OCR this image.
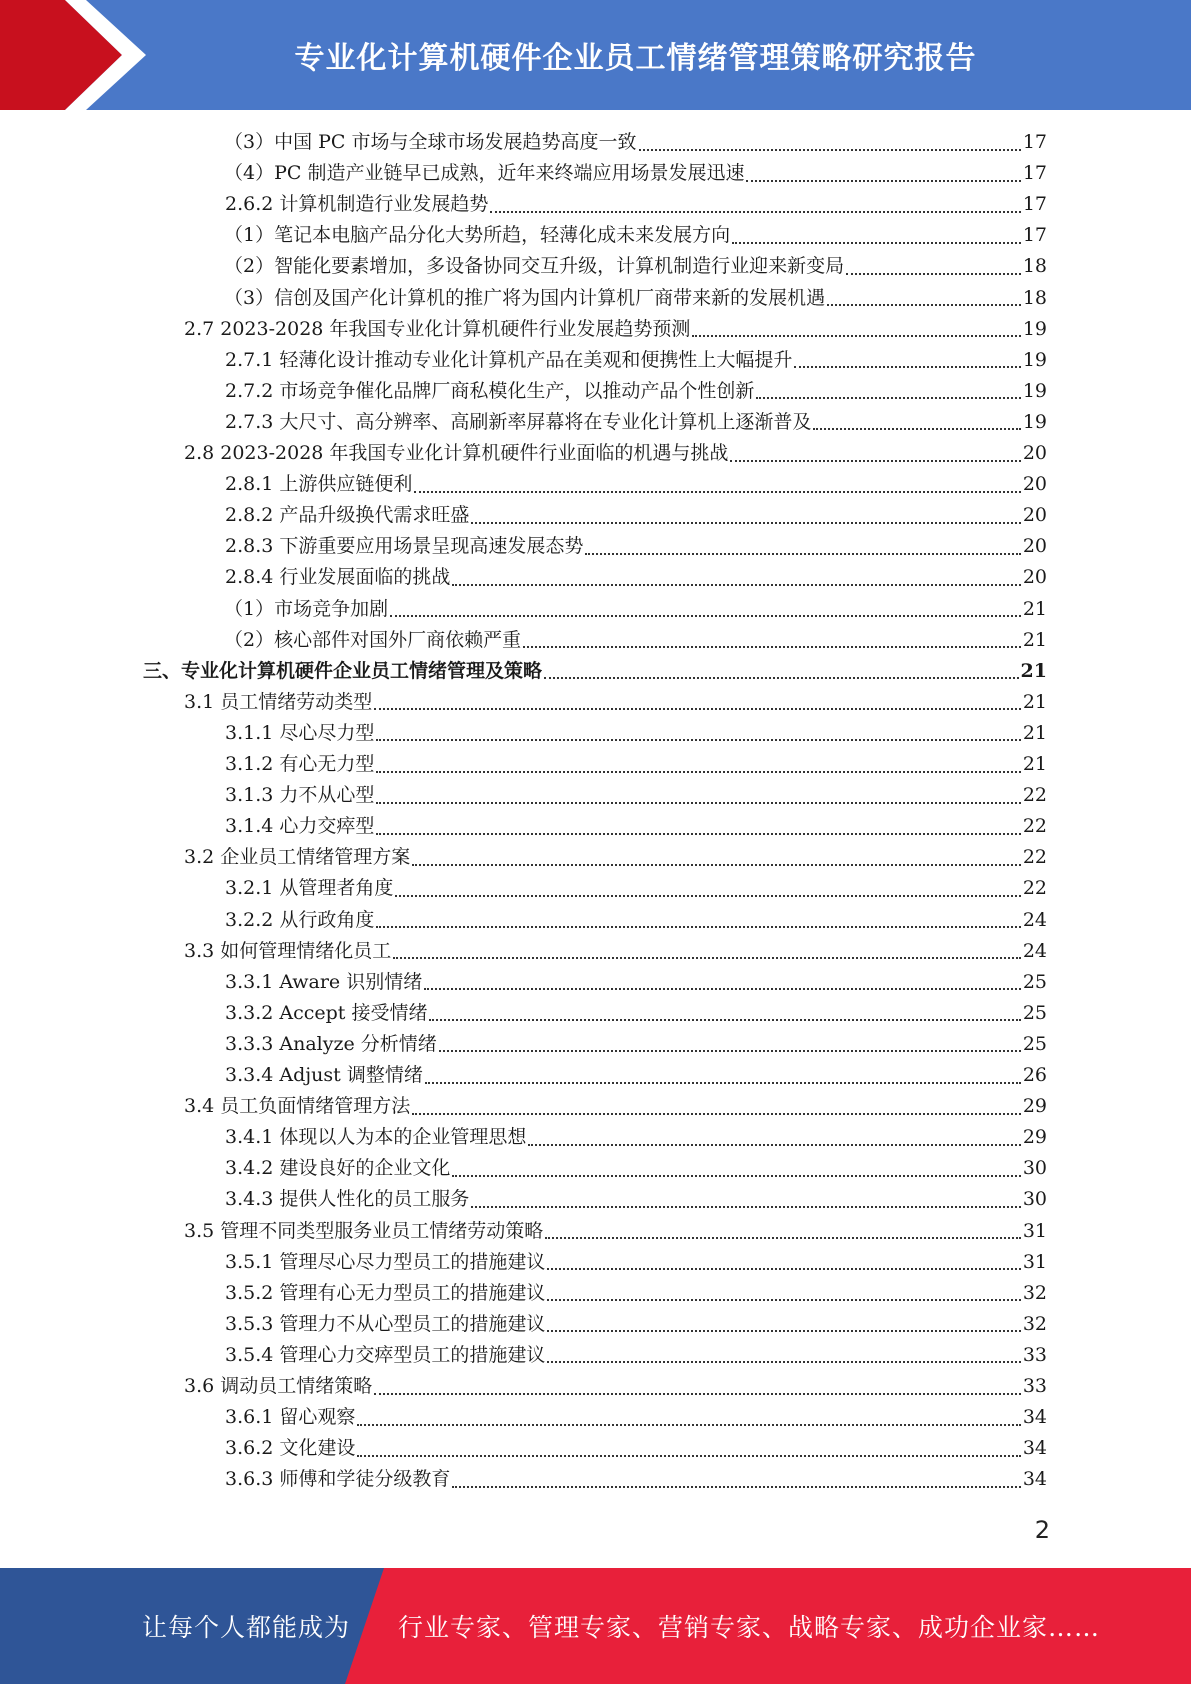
专业化计算机硬件企业员工情绪管理策略研究报告
（3）中国 PC 市场与全球市场发展趋势高度一致	17
（4）PC 制造产业链早已成熟，近年来终端应用场景发展迅速	17
2.6.2 计算机制造行业发展趋势	17
（1）笔记本电脑产品分化大势所趋，轻薄化成未来发展方向	17
（2）智能化要素增加，多设备协同交互升级，计算机制造行业迎来新变局	18
（3）信创及国产化计算机的推广将为国内计算机厂商带来新的发展机遇	18
2.7 2023-2028 年我国专业化计算机硬件行业发展趋势预测	19
2.7.1 轻薄化设计推动专业化计算机产品在美观和便携性上大幅提升	19
2.7.2 市场竞争催化品牌厂商私模化生产，以推动产品个性创新	19
2.7.3 大尺寸、高分辨率、高刷新率屏幕将在专业化计算机上逐渐普及	19
2.8 2023-2028 年我国专业化计算机硬件行业面临的机遇与挑战	20
2.8.1 上游供应链便利	20
2.8.2 产品升级换代需求旺盛	20
2.8.3 下游重要应用场景呈现高速发展态势	20
2.8.4 行业发展面临的挑战	20
（1）市场竞争加剧	21
（2）核心部件对国外厂商依赖严重	21
三、专业化计算机硬件企业员工情绪管理及策略	21
3.1 员工情绪劳动类型	21
3.1.1 尽心尽力型	21
3.1.2 有心无力型	21
3.1.3 力不从心型	22
3.1.4 心力交瘁型	22
3.2 企业员工情绪管理方案	22
3.2.1 从管理者角度	22
3.2.2 从行政角度	24
3.3 如何管理情绪化员工	24
3.3.1 Aware 识别情绪	25
3.3.2 Accept 接受情绪	25
3.3.3 Analyze 分析情绪	25
3.3.4 Adjust 调整情绪	26
3.4 员工负面情绪管理方法	29
3.4.1 体现以人为本的企业管理思想	29
3.4.2 建设良好的企业文化	30
3.4.3 提供人性化的员工服务	30
3.5 管理不同类型服务业员工情绪劳动策略	31
3.5.1 管理尽心尽力型员工的措施建议	31
3.5.2 管理有心无力型员工的措施建议	32
3.5.3 管理力不从心型员工的措施建议	32
3.5.4 管理心力交瘁型员工的措施建议	33
3.6 调动员工情绪策略	33
3.6.1 留心观察	34
3.6.2 文化建设	34
3.6.3 师傅和学徒分级教育	34
2
让每个人都能成为 行业专家、管理专家、营销专家、战略专家、成功企业家……
